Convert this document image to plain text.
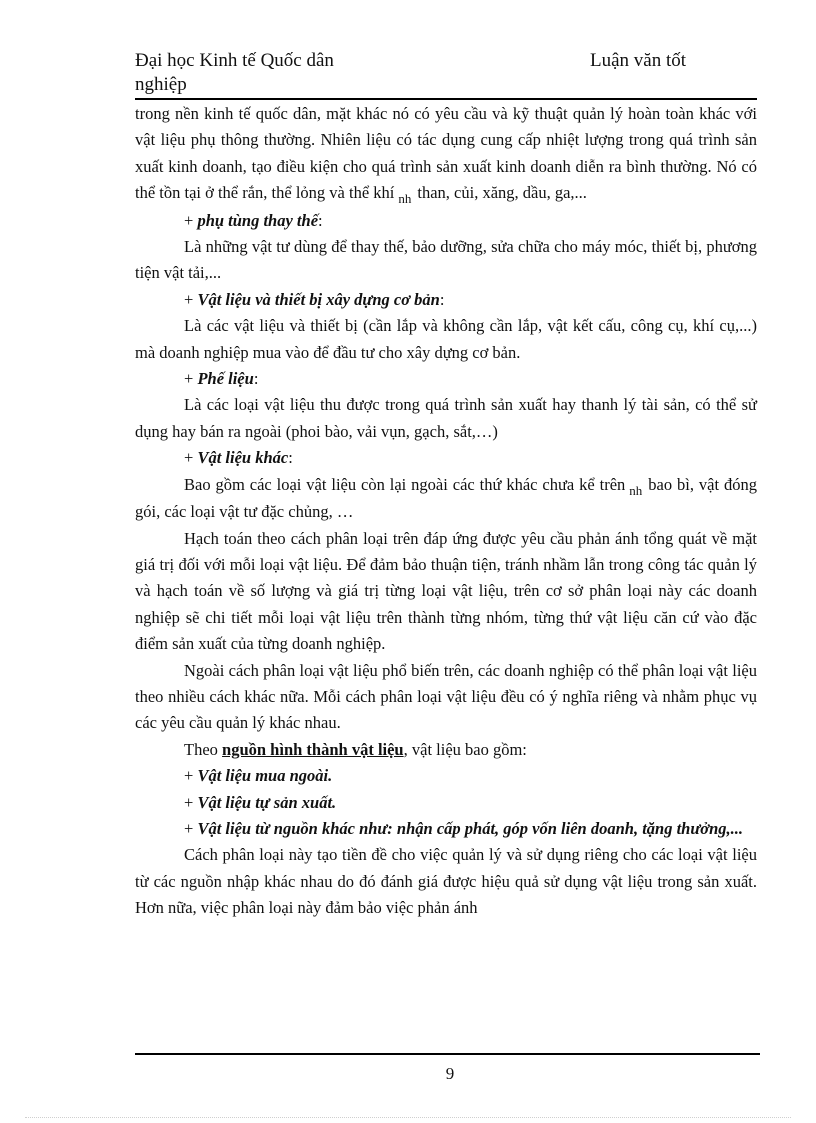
Đại học Kinh tế Quốc dân	Luận văn tốt
nghiệp

trong nền kinh tế quốc dân, mặt khác nó có yêu cầu và kỹ thuật quản lý hoàn toàn khác với vật liệu phụ thông thường. Nhiên liệu có tác dụng cung cấp nhiệt lượng trong quá trình sản xuất kinh doanh, tạo điều kiện cho quá trình sản xuất kinh doanh diễn ra bình thường. Nó có thể tồn tại ở thể rắn, thể lỏng và thể khí $_{nh}$ than, củi, xăng, dầu, ga,...

+ phụ tùng thay thế:

Là những vật tư dùng để thay thế, bảo dưỡng, sửa chữa cho máy móc, thiết bị, phương tiện vật tải,...

+ Vật liệu và thiết bị xây dựng cơ bản:

Là các vật liệu và thiết bị (cần lắp và không cần lắp, vật kết cấu, công cụ, khí cụ,...) mà doanh nghiệp mua vào để đầu tư cho xây dựng cơ bản.

+ Phế liệu:

Là các loại vật liệu thu được trong quá trình sản xuất hay thanh lý tài sản, có thể sử dụng hay bán ra ngoài (phoi bào, vải vụn, gạch, sắt,…)

+ Vật liệu khác:

Bao gồm các loại vật liệu còn lại ngoài các thứ khác chưa kể trên $_{nh}$ bao bì, vật đóng gói, các loại vật tư đặc chủng, …

Hạch toán theo cách phân loại trên đáp ứng được yêu cầu phản ánh tổng quát về mặt giá trị đối với mỗi loại vật liệu. Để đảm bảo thuận tiện, tránh nhầm lẫn trong công tác quản lý và hạch toán về số lượng và giá trị từng loại vật liệu, trên cơ sở phân loại này các doanh nghiệp sẽ chi tiết mỗi loại vật liệu trên thành từng nhóm, từng thứ vật liệu căn cứ vào đặc điểm sản xuất của từng doanh nghiệp.

Ngoài cách phân loại vật liệu phổ biến trên, các doanh nghiệp có thể phân loại vật liệu theo nhiều cách khác nữa. Mỗi cách phân loại vật liệu đều có ý nghĩa riêng và nhằm phục vụ các yêu cầu quản lý khác nhau.

Theo nguồn hình thành vật liệu, vật liệu bao gồm:

+ Vật liệu mua ngoài.

+ Vật liệu tự sản xuất.

+ Vật liệu từ nguồn khác như: nhận cấp phát, góp vốn liên doanh, tặng thưởng,...

Cách phân loại này tạo tiền đề cho việc quản lý và sử dụng riêng cho các loại vật liệu từ các nguồn nhập khác nhau do đó đánh giá được hiệu quả sử dụng vật liệu trong sản xuất. Hơn nữa, việc phân loại này đảm bảo việc phản ánh

9
